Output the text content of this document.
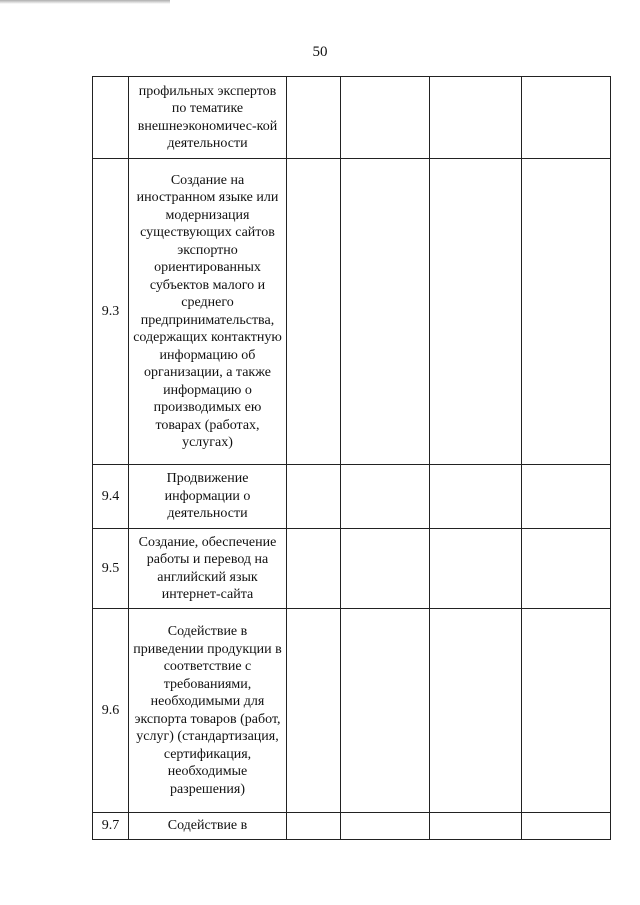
50
	профильных экспертов по тематике внешнеэкономичес-кой деятельности				
9.3	Создание на иностранном языке или модернизация существующих сайтов экспортно ориентированных субъектов малого и среднего предпринимательства, содержащих контактную информацию об организации, а также информацию о производимых ею товарах (работах, услугах)				
9.4	Продвижение информации о деятельности				
9.5	Создание, обеспечение работы и перевод на английский язык интернет-сайта				
9.6	Содействие в приведении продукции в соответствие с требованиями, необходимыми для экспорта товаров (работ, услуг) (стандартизация, сертификация, необходимые разрешения)				
9.7	Содействие в				
